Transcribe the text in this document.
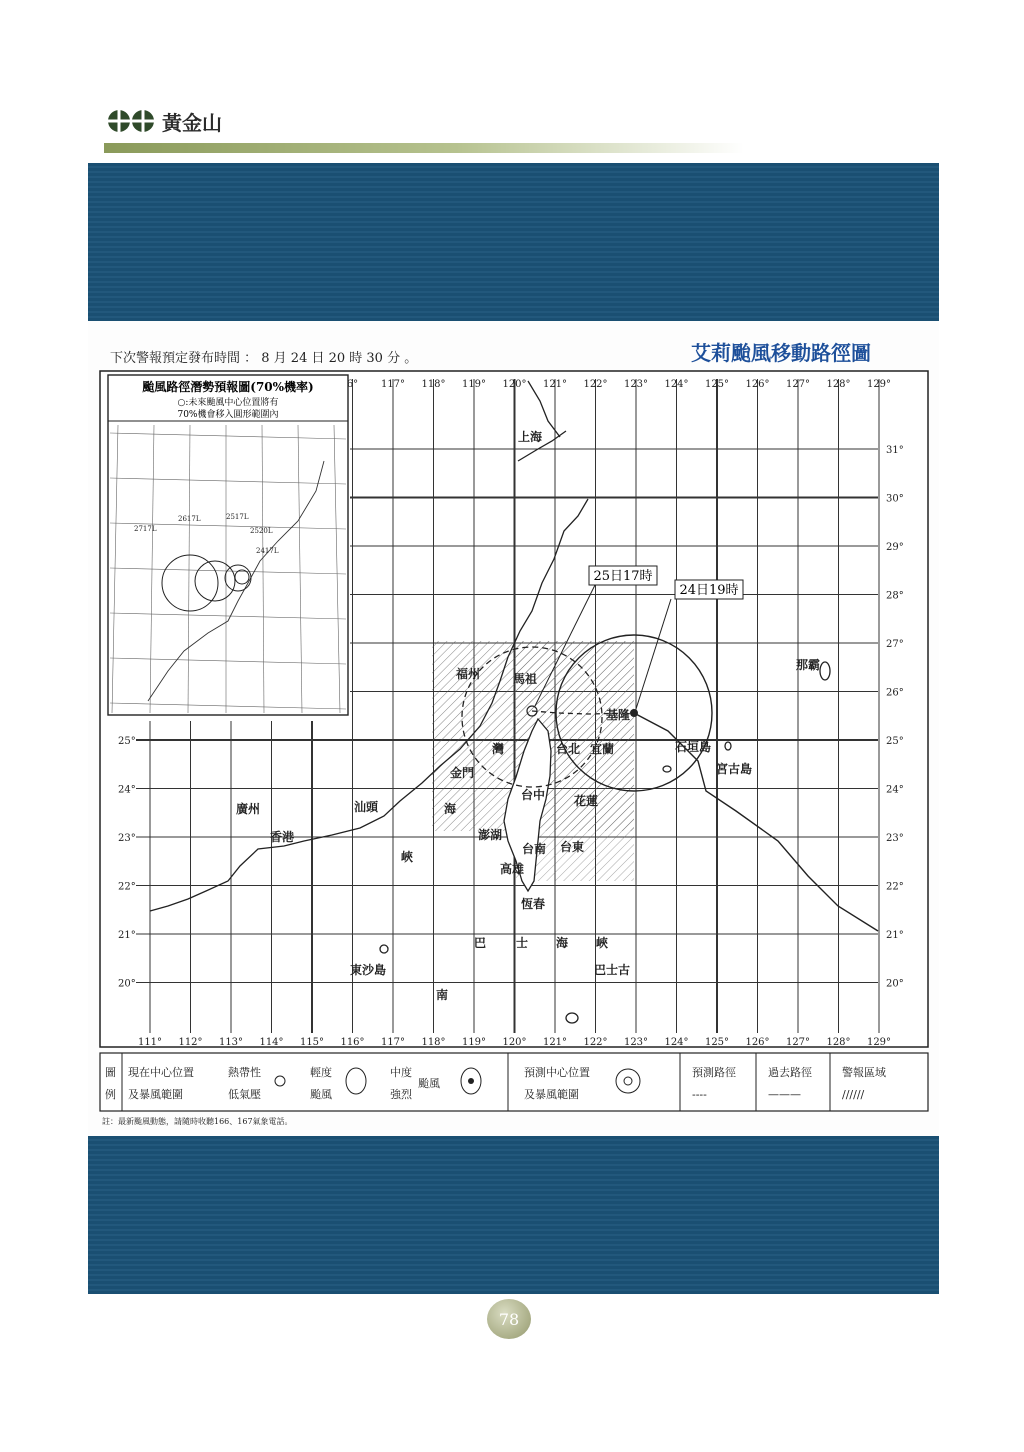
黃金山
下次警報預定發布時間 ： 8 月 24 日 20 時 30 分 。	艾莉颱風移動路徑圖
25日17時
24日19時
上海
福州	馬祖
那霸
石垣島
宮古島
廣州
香港
汕頭
東沙島
金門
澎湖
台中
台南
高雄
恆春
台東
花蓮
宜蘭
基隆
台北
海
峽
灣
巴 士 海 峽
巴士古
南
颱風路徑潛勢預報圖(70%機率)
○:未來颱風中心位置將有
70%機會移入圓形範圍內
2717L
2617L	2517L
2520L
2417L
111° 112° 113° 114° 115° 116° 117° 118° 119° 120° 121° 122° 123° 124° 125° 126° 127° 128° 129°
6° 117° 118° 119° 120° 121° 122° 123° 124° 125° 126° 127° 128° 129°
31°
30°
29°
28°
27°
26°
25°
25°
24°
24°
23°
23°
22°
22°
21°
21°
20°
20°
圖
例
現在中心位置
及暴風範圍
熱帶性
低氣壓
輕度
颱風
中度
強烈
颱風
預測中心位置
及暴風範圍
預測路徑
----
過去路徑
———
警報區域
//////
註：最新颱風動態，請隨時收聽166、167氣象電話。
78
